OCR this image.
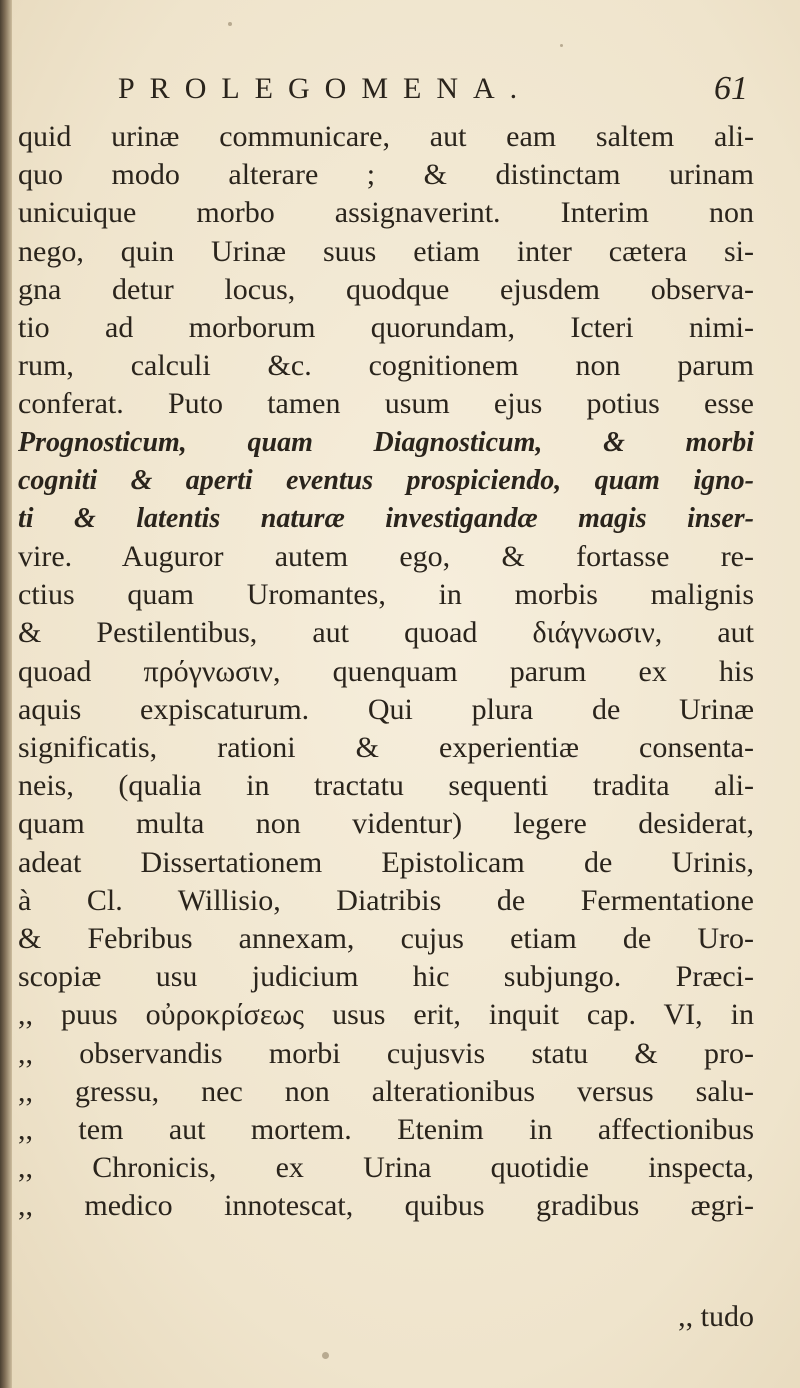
PROLEGOMENA.	61
quid urinæ communicare, aut eam saltem ali-
quo modo alterare ; & distinctam urinam
unicuique morbo assignaverint. Interim non
nego, quin Urinæ suus etiam inter cætera si-
gna detur locus, quodque ejusdem observa-
tio ad morborum quorundam, Icteri nimi-
rum, calculi &c. cognitionem non parum
conferat. Puto tamen usum ejus potius esse
Prognosticum, quam Diagnosticum, & morbi
cogniti & aperti eventus prospiciendo, quam igno-
ti & latentis naturæ investigandæ magis inser-
vire. Auguror autem ego, & fortasse re-
ctius quam Uromantes, in morbis malignis
& Pestilentibus, aut quoad διάγνωσιν, aut
quoad πρόγνωσιν, quenquam parum ex his
aquis expiscaturum. Qui plura de Urinæ
significatis, rationi & experientiæ consenta-
neis, (qualia in tractatu sequenti tradita ali-
quam multa non videntur) legere desiderat,
adeat Dissertationem Epistolicam de Urinis,
à Cl. Willisio, Diatribis de Fermentatione
& Febribus annexam, cujus etiam de Uro-
scopiæ usu judicium hic subjungo. Præci-
,, puus οὐροκρίσεως usus erit, inquit cap. VI, in
,, observandis morbi cujusvis statu & pro-
,, gressu, nec non alterationibus versus salu-
,, tem aut mortem. Etenim in affectionibus
,, Chronicis, ex Urina quotidie inspecta,
,, medico innotescat, quibus gradibus ægri-
,, tudo
